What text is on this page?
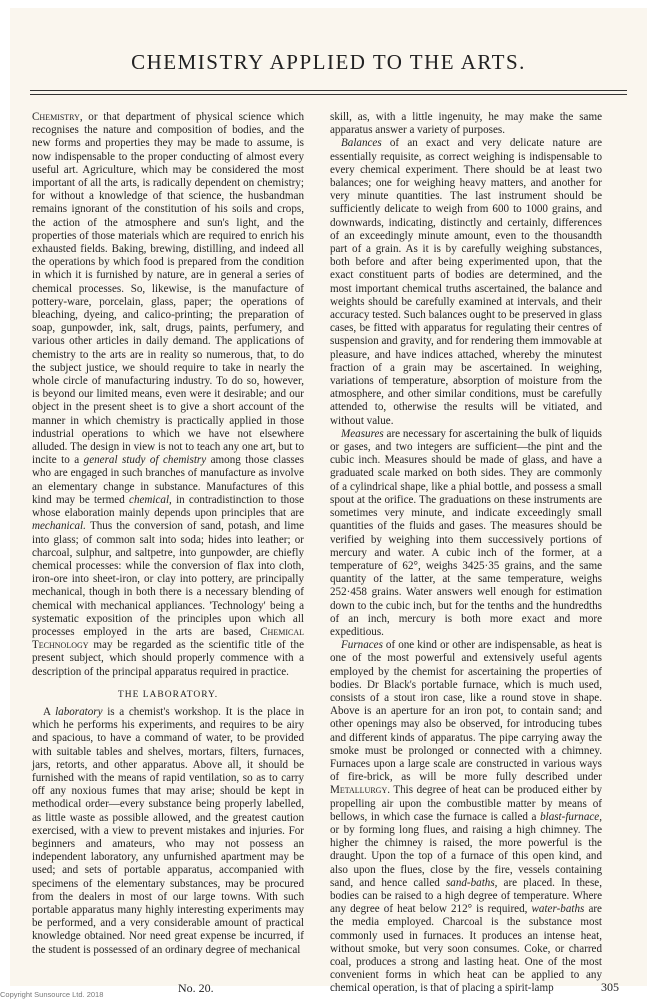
CHEMISTRY APPLIED TO THE ARTS.

Chemistry, or that department of physical science which recognises the nature and composition of bodies, and the new forms and properties they may be made to assume, is now indispensable to the proper conducting of almost every useful art. Agriculture, which may be considered the most important of all the arts, is radically dependent on chemistry; for without a knowledge of that science, the husbandman remains ignorant of the constitution of his soils and crops, the action of the atmosphere and sun's light, and the properties of those materials which are required to enrich his exhausted fields. Baking, brewing, distilling, and indeed all the operations by which food is prepared from the condition in which it is furnished by nature, are in general a series of chemical processes. So, likewise, is the manufacture of pottery-ware, porcelain, glass, paper; the operations of bleaching, dyeing, and calico-printing; the preparation of soap, gunpowder, ink, salt, drugs, paints, perfumery, and various other articles in daily demand. The applications of chemistry to the arts are in reality so numerous, that, to do the subject justice, we should require to take in nearly the whole circle of manufacturing industry. To do so, however, is beyond our limited means, even were it desirable; and our object in the present sheet is to give a short account of the manner in which chemistry is practically applied in those industrial operations to which we have not elsewhere alluded. The design in view is not to teach any one art, but to incite to a general study of chemistry among those classes who are engaged in such branches of manufacture as involve an elementary change in substance. Manufactures of this kind may be termed chemical, in contradistinction to those whose elaboration mainly depends upon principles that are mechanical. Thus the conversion of sand, potash, and lime into glass; of common salt into soda; hides into leather; or charcoal, sulphur, and saltpetre, into gunpowder, are chiefly chemical processes: while the conversion of flax into cloth, iron-ore into sheet-iron, or clay into pottery, are principally mechanical, though in both there is a necessary blending of chemical with mechanical appliances. 'Technology' being a systematic exposition of the principles upon which all processes employed in the arts are based, Chemical Technology may be regarded as the scientific title of the present subject, which should properly commence with a description of the principal apparatus required in practice.

THE LABORATORY.

A laboratory is a chemist's workshop. It is the place in which he performs his experiments, and requires to be airy and spacious, to have a command of water, to be provided with suitable tables and shelves, mortars, filters, furnaces, jars, retorts, and other apparatus. Above all, it should be furnished with the means of rapid ventilation, so as to carry off any noxious fumes that may arise; should be kept in methodical order—every substance being properly labelled, as little waste as possible allowed, and the greatest caution exercised, with a view to prevent mistakes and injuries. For beginners and amateurs, who may not possess an independent laboratory, any unfurnished apartment may be used; and sets of portable apparatus, accompanied with specimens of the elementary substances, may be procured from the dealers in most of our large towns. With such portable apparatus many highly interesting experiments may be performed, and a very considerable amount of practical knowledge obtained. Nor need great expense be incurred, if the student is possessed of an ordinary degree of mechanical

skill, as, with a little ingenuity, he may make the same apparatus answer a variety of purposes.

Balances of an exact and very delicate nature are essentially requisite, as correct weighing is indispensable to every chemical experiment. There should be at least two balances; one for weighing heavy matters, and another for very minute quantities. The last instrument should be sufficiently delicate to weigh from 600 to 1000 grains, and downwards, indicating, distinctly and certainly, differences of an exceedingly minute amount, even to the thousandth part of a grain. As it is by carefully weighing substances, both before and after being experimented upon, that the exact constituent parts of bodies are determined, and the most important chemical truths ascertained, the balance and weights should be carefully examined at intervals, and their accuracy tested. Such balances ought to be preserved in glass cases, be fitted with apparatus for regulating their centres of suspension and gravity, and for rendering them immovable at pleasure, and have indices attached, whereby the minutest fraction of a grain may be ascertained. In weighing, variations of temperature, absorption of moisture from the atmosphere, and other similar conditions, must be carefully attended to, otherwise the results will be vitiated, and without value.

Measures are necessary for ascertaining the bulk of liquids or gases, and two integers are sufficient—the pint and the cubic inch. Measures should be made of glass, and have a graduated scale marked on both sides. They are commonly of a cylindrical shape, like a phial bottle, and possess a small spout at the orifice. The graduations on these instruments are sometimes very minute, and indicate exceedingly small quantities of the fluids and gases. The measures should be verified by weighing into them successively portions of mercury and water. A cubic inch of the former, at a temperature of 62°, weighs 3425·35 grains, and the same quantity of the latter, at the same temperature, weighs 252·458 grains. Water answers well enough for estimation down to the cubic inch, but for the tenths and the hundredths of an inch, mercury is both more exact and more expeditious.

Furnaces of one kind or other are indispensable, as heat is one of the most powerful and extensively useful agents employed by the chemist for ascertaining the properties of bodies. Dr Black's portable furnace, which is much used, consists of a stout iron case, like a round stove in shape. Above is an aperture for an iron pot, to contain sand; and other openings may also be observed, for introducing tubes and different kinds of apparatus. The pipe carrying away the smoke must be prolonged or connected with a chimney. Furnaces upon a large scale are constructed in various ways of fire-brick, as will be more fully described under Metallurgy. This degree of heat can be produced either by propelling air upon the combustible matter by means of bellows, in which case the furnace is called a blast-furnace, or by forming long flues, and raising a high chimney. The higher the chimney is raised, the more powerful is the draught. Upon the top of a furnace of this open kind, and also upon the flues, close by the fire, vessels containing sand, and hence called sand-baths, are placed. In these, bodies can be raised to a high degree of temperature. Where any degree of heat below 212° is required, water-baths are the media employed. Charcoal is the substance most commonly used in furnaces. It produces an intense heat, without smoke, but very soon consumes. Coke, or charred coal, produces a strong and lasting heat. One of the most convenient forms in which heat can be applied to any chemical operation, is that of placing a spirit-lamp

No. 20.	305
Copyright Sunsource Ltd. 2018
